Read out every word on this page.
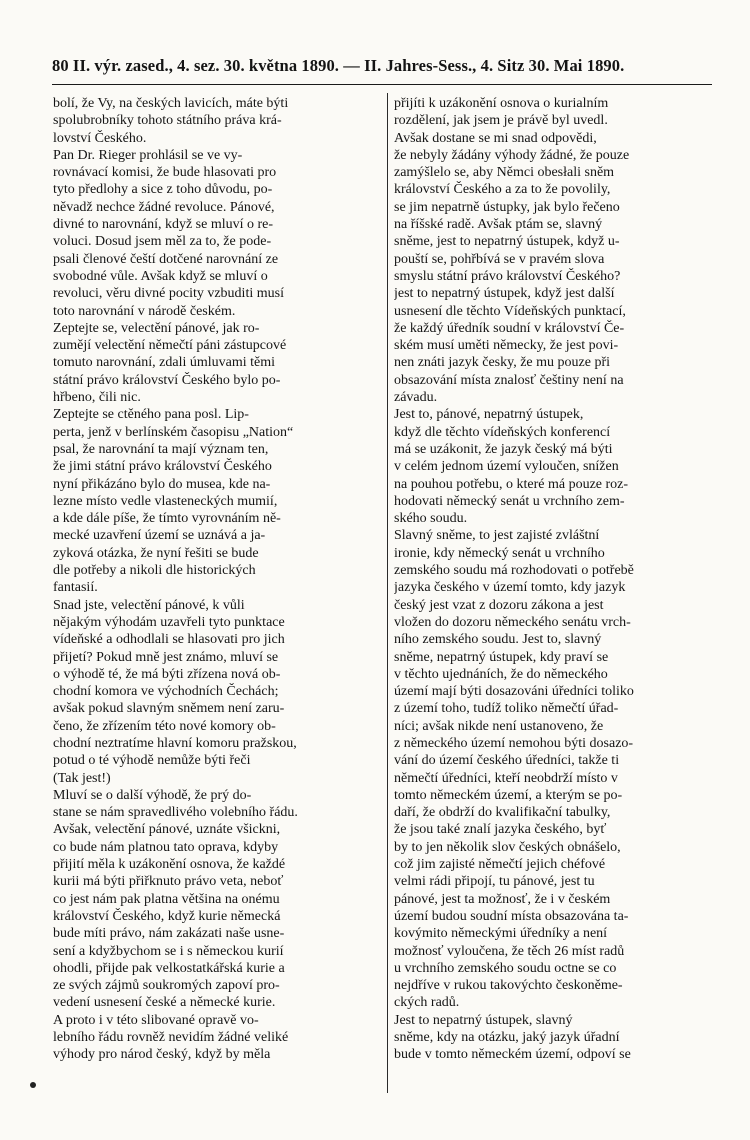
80 II. výr. zased., 4. sez. 30. května 1890. — II. Jahres-Sess., 4. Sitz 30. Mai 1890.
bolí, že Vy, na českých lavicích, máte býti
spolubrobníky tohoto státního práva krá-
lovství Českého.
Pan Dr. Rieger prohlásil se ve vy-
rovnávací komisi, že bude hlasovati pro
tyto předlohy a sice z toho důvodu, po-
něvadž nechce žádné revoluce. Pánové,
divné to narovnání, když se mluví o re-
voluci. Dosud jsem měl za to, že pode-
psali členové čeští dotčené narovnání ze
svobodné vůle. Avšak když se mluví o
revoluci, věru divné pocity vzbuditi musí
toto narovnání v národě českém.
Zeptejte se, velectění pánové, jak ro-
zumějí velectění němečtí páni zástupcové
tomuto narovnání, zdali úmluvami těmi
státní právo království Českého bylo po-
hřbeno, čili nic.
Zeptejte se ctěného pana posl. Lip-
perta, jenž v berlínském časopisu „Nation“
psal, že narovnání ta mají význam ten,
že jimi státní právo království Českého
nyní přikázáno bylo do musea, kde na-
lezne místo vedle vlasteneckých mumií,
a kde dále píše, že tímto vyrovnáním ně-
mecké uzavření území se uznává a ja-
zyková otázka, že nyní řešiti se bude
dle potřeby a nikoli dle historických
fantasií.
Snad jste, velectění pánové, k vůli
nějakým výhodám uzavřeli tyto punktace
vídeňské a odhodlali se hlasovati pro jich
přijetí? Pokud mně jest známo, mluví se
o výhodě té, že má býti zřízena nová ob-
chodní komora ve východních Čechách;
avšak pokud slavným sněmem není zaru-
čeno, že zřízením této nové komory ob-
chodní neztratíme hlavní komoru pražskou,
potud o té výhodě nemůže býti řeči
(Tak jest!)
Mluví se o další výhodě, že prý do-
stane se nám spravedlivého volebního řádu.
Avšak, velectění pánové, uznáte všickni,
co bude nám platnou tato oprava, kdyby
přijití měla k uzákonění osnova, že každé
kurii má býti přiřknuto právo veta, neboť
co jest nám pak platna většina na onému
království Českého, když kurie německá
bude míti právo, nám zakázati naše usne-
sení a kdyžbychom se i s německou kurií
ohodli, přijde pak velkostatkářská kurie a
ze svých zájmů soukromých zapoví pro-
vedení usnesení české a německé kurie.
A proto i v této slibované opravě vo-
lebního řádu rovněž nevidím žádné veliké
výhody pro národ český, když by měla
přijíti k uzákonění osnova o kurialním
rozdělení, jak jsem je právě byl uvedl.
Avšak dostane se mi snad odpovědi,
že nebyly žádány výhody žádné, že pouze
zamýšlelo se, aby Němci obesłali sněm
království Českého a za to že povolily,
se jim nepatrně ústupky, jak bylo řečeno
na říšské radě. Avšak ptám se, slavný
sněme, jest to nepatrný ústupek, když u-
pouští se, pohřbívá se v pravém slova
smyslu státní právo království Českého?
jest to nepatrný ústupek, když jest další
usnesení dle těchto Vídeňských punktací,
že každý úředník soudní v království Če-
ském musí uměti německy, že jest povi-
nen znáti jazyk česky, že mu pouze při
obsazování místa znalosť češtiny není na
závadu.
Jest to, pánové, nepatrný ústupek,
když dle těchto vídeňských konferencí
má se uzákonit, že jazyk český má býti
v celém jednom území vyloučen, snížen
na pouhou potřebu, o které má pouze roz-
hodovati německý senát u vrchního zem-
ského soudu.
Slavný sněme, to jest zajisté zvláštní
ironie, kdy německý senát u vrchního
zemského soudu má rozhodovati o potřebě
jazyka českého v území tomto, kdy jazyk
český jest vzat z dozoru zákona a jest
vložen do dozoru německého senátu vrch-
ního zemského soudu. Jest to, slavný
sněme, nepatrný ústupek, kdy praví se
v těchto ujednáních, že do německého
území mají býti dosazováni úředníci toliko
z území toho, tudíž toliko němečtí úřad-
níci; avšak nikde není ustanoveno, že
z německého území nemohou býti dosazo-
vání do území českého úředníci, takže ti
němečtí úředníci, kteří neobdrží místo v
tomto německém území, a kterým se po-
daří, že obdrží do kvalifikační tabulky,
že jsou také znalí jazyka českého, byť
by to jen několik slov českých obnášelo,
což jim zajisté němečtí jejich chéfové
velmi rádi připojí, tu pánové, jest tu
pánové, jest ta možnosť, že i v českém
území budou soudní místa obsazována ta-
kovýmito německými úředníky a není
možnosť vyloučena, že těch 26 míst radů
u vrchního zemského soudu octne se co
nejdříve v rukou takovýchto českoněme-
ckých radů.
Jest to nepatrný ústupek, slavný
sněme, kdy na otázku, jaký jazyk úřadní
bude v tomto německém území, odpoví se
